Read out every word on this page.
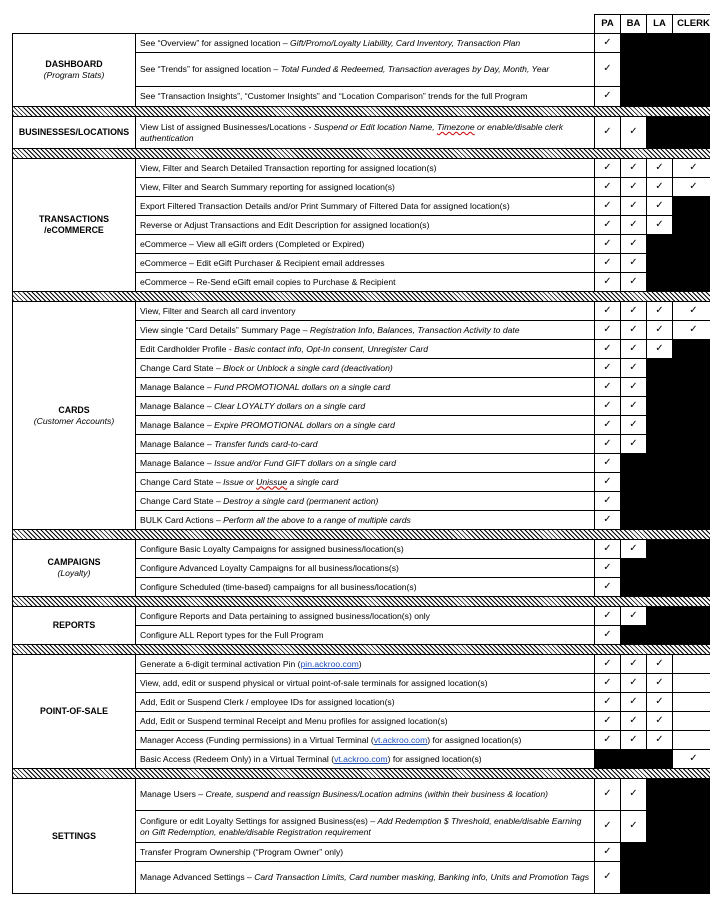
		PA	BA	LA	CLERK

DASHBOARD
(Program Stats)	See “Overview” for assigned location – Gift/Promo/Loyalty Liability, Card Inventory, Transaction Plan	✓			
	See “Trends” for assigned location – Total Funded & Redeemed, Transaction averages by Day, Month, Year	✓			
	See “Transaction Insights”, “Customer Insights” and “Location Comparison” trends for the full Program	✓			

BUSINESSES/LOCATIONS	View List of assigned Businesses/Locations - Suspend or Edit location Name, Timezone or enable/disable clerk authentication	✓	✓		

TRANSACTIONS
/eCOMMERCE	View, Filter and Search Detailed Transaction reporting for assigned location(s)	✓	✓	✓	✓
	View, Filter and Search Summary reporting for assigned location(s)	✓	✓	✓	✓
	Export Filtered Transaction Details and/or Print Summary of Filtered Data for assigned location(s)	✓	✓	✓	
	Reverse or Adjust Transactions and Edit Description for assigned location(s)	✓	✓	✓	
	eCommerce – View all eGift orders (Completed or Expired)	✓	✓		
	eCommerce – Edit eGift Purchaser & Recipient email addresses	✓	✓		
	eCommerce – Re-Send eGift email copies to Purchase & Recipient	✓	✓		

CARDS
(Customer Accounts)	View, Filter and Search all card inventory	✓	✓	✓	✓
	View single “Card Details” Summary Page – Registration Info, Balances, Transaction Activity to date	✓	✓	✓	✓
	Edit Cardholder Profile - Basic contact info, Opt-In consent, Unregister Card	✓	✓	✓	
	Change Card State – Block or Unblock a single card (deactivation)	✓	✓		
	Manage Balance – Fund PROMOTIONAL dollars on a single card	✓	✓		
	Manage Balance – Clear LOYALTY dollars on a single card	✓	✓		
	Manage Balance – Expire PROMOTIONAL dollars on a single card	✓	✓		
	Manage Balance – Transfer funds card-to-card	✓	✓		
	Manage Balance – Issue and/or Fund GIFT dollars on a single card	✓			
	Change Card State – Issue or Unissue a single card	✓			
	Change Card State – Destroy a single card (permanent action)	✓			
	BULK Card Actions – Perform all the above to a range of multiple cards	✓			

CAMPAIGNS
(Loyalty)	Configure Basic Loyalty Campaigns for assigned business/location(s)	✓	✓		
	Configure Advanced Loyalty Campaigns for all business/locations(s)	✓			
	Configure Scheduled (time-based) campaigns for all business/location(s)	✓			

REPORTS	Configure Reports and Data pertaining to assigned business/location(s) only	✓	✓		
	Configure ALL Report types for the Full Program	✓			

POINT-OF-SALE	Generate a 6-digit terminal activation Pin (pin.ackroo.com)	✓	✓	✓	
	View, add, edit or suspend physical or virtual point-of-sale terminals for assigned location(s)	✓	✓	✓	
	Add, Edit or Suspend Clerk / employee IDs for assigned location(s)	✓	✓	✓	
	Add, Edit or Suspend terminal Receipt and Menu profiles for assigned location(s)	✓	✓	✓	
	Manager Access (Funding permissions) in a Virtual Terminal (vt.ackroo.com) for assigned location(s)	✓	✓	✓	
	Basic Access (Redeem Only) in a Virtual Terminal (vt.ackroo.com) for assigned location(s)				✓

SETTINGS	Manage Users – Create, suspend and reassign Business/Location admins (within their business & location)	✓	✓		
	Configure or edit Loyalty Settings for assigned Business(es) – Add Redemption $ Threshold, enable/disable Earning on Gift Redemption, enable/disable Registration requirement	✓	✓		
	Transfer Program Ownership (“Program Owner” only)	✓			
	Manage Advanced Settings – Card Transaction Limits, Card number masking, Banking info, Units and Promotion Tags	✓			
